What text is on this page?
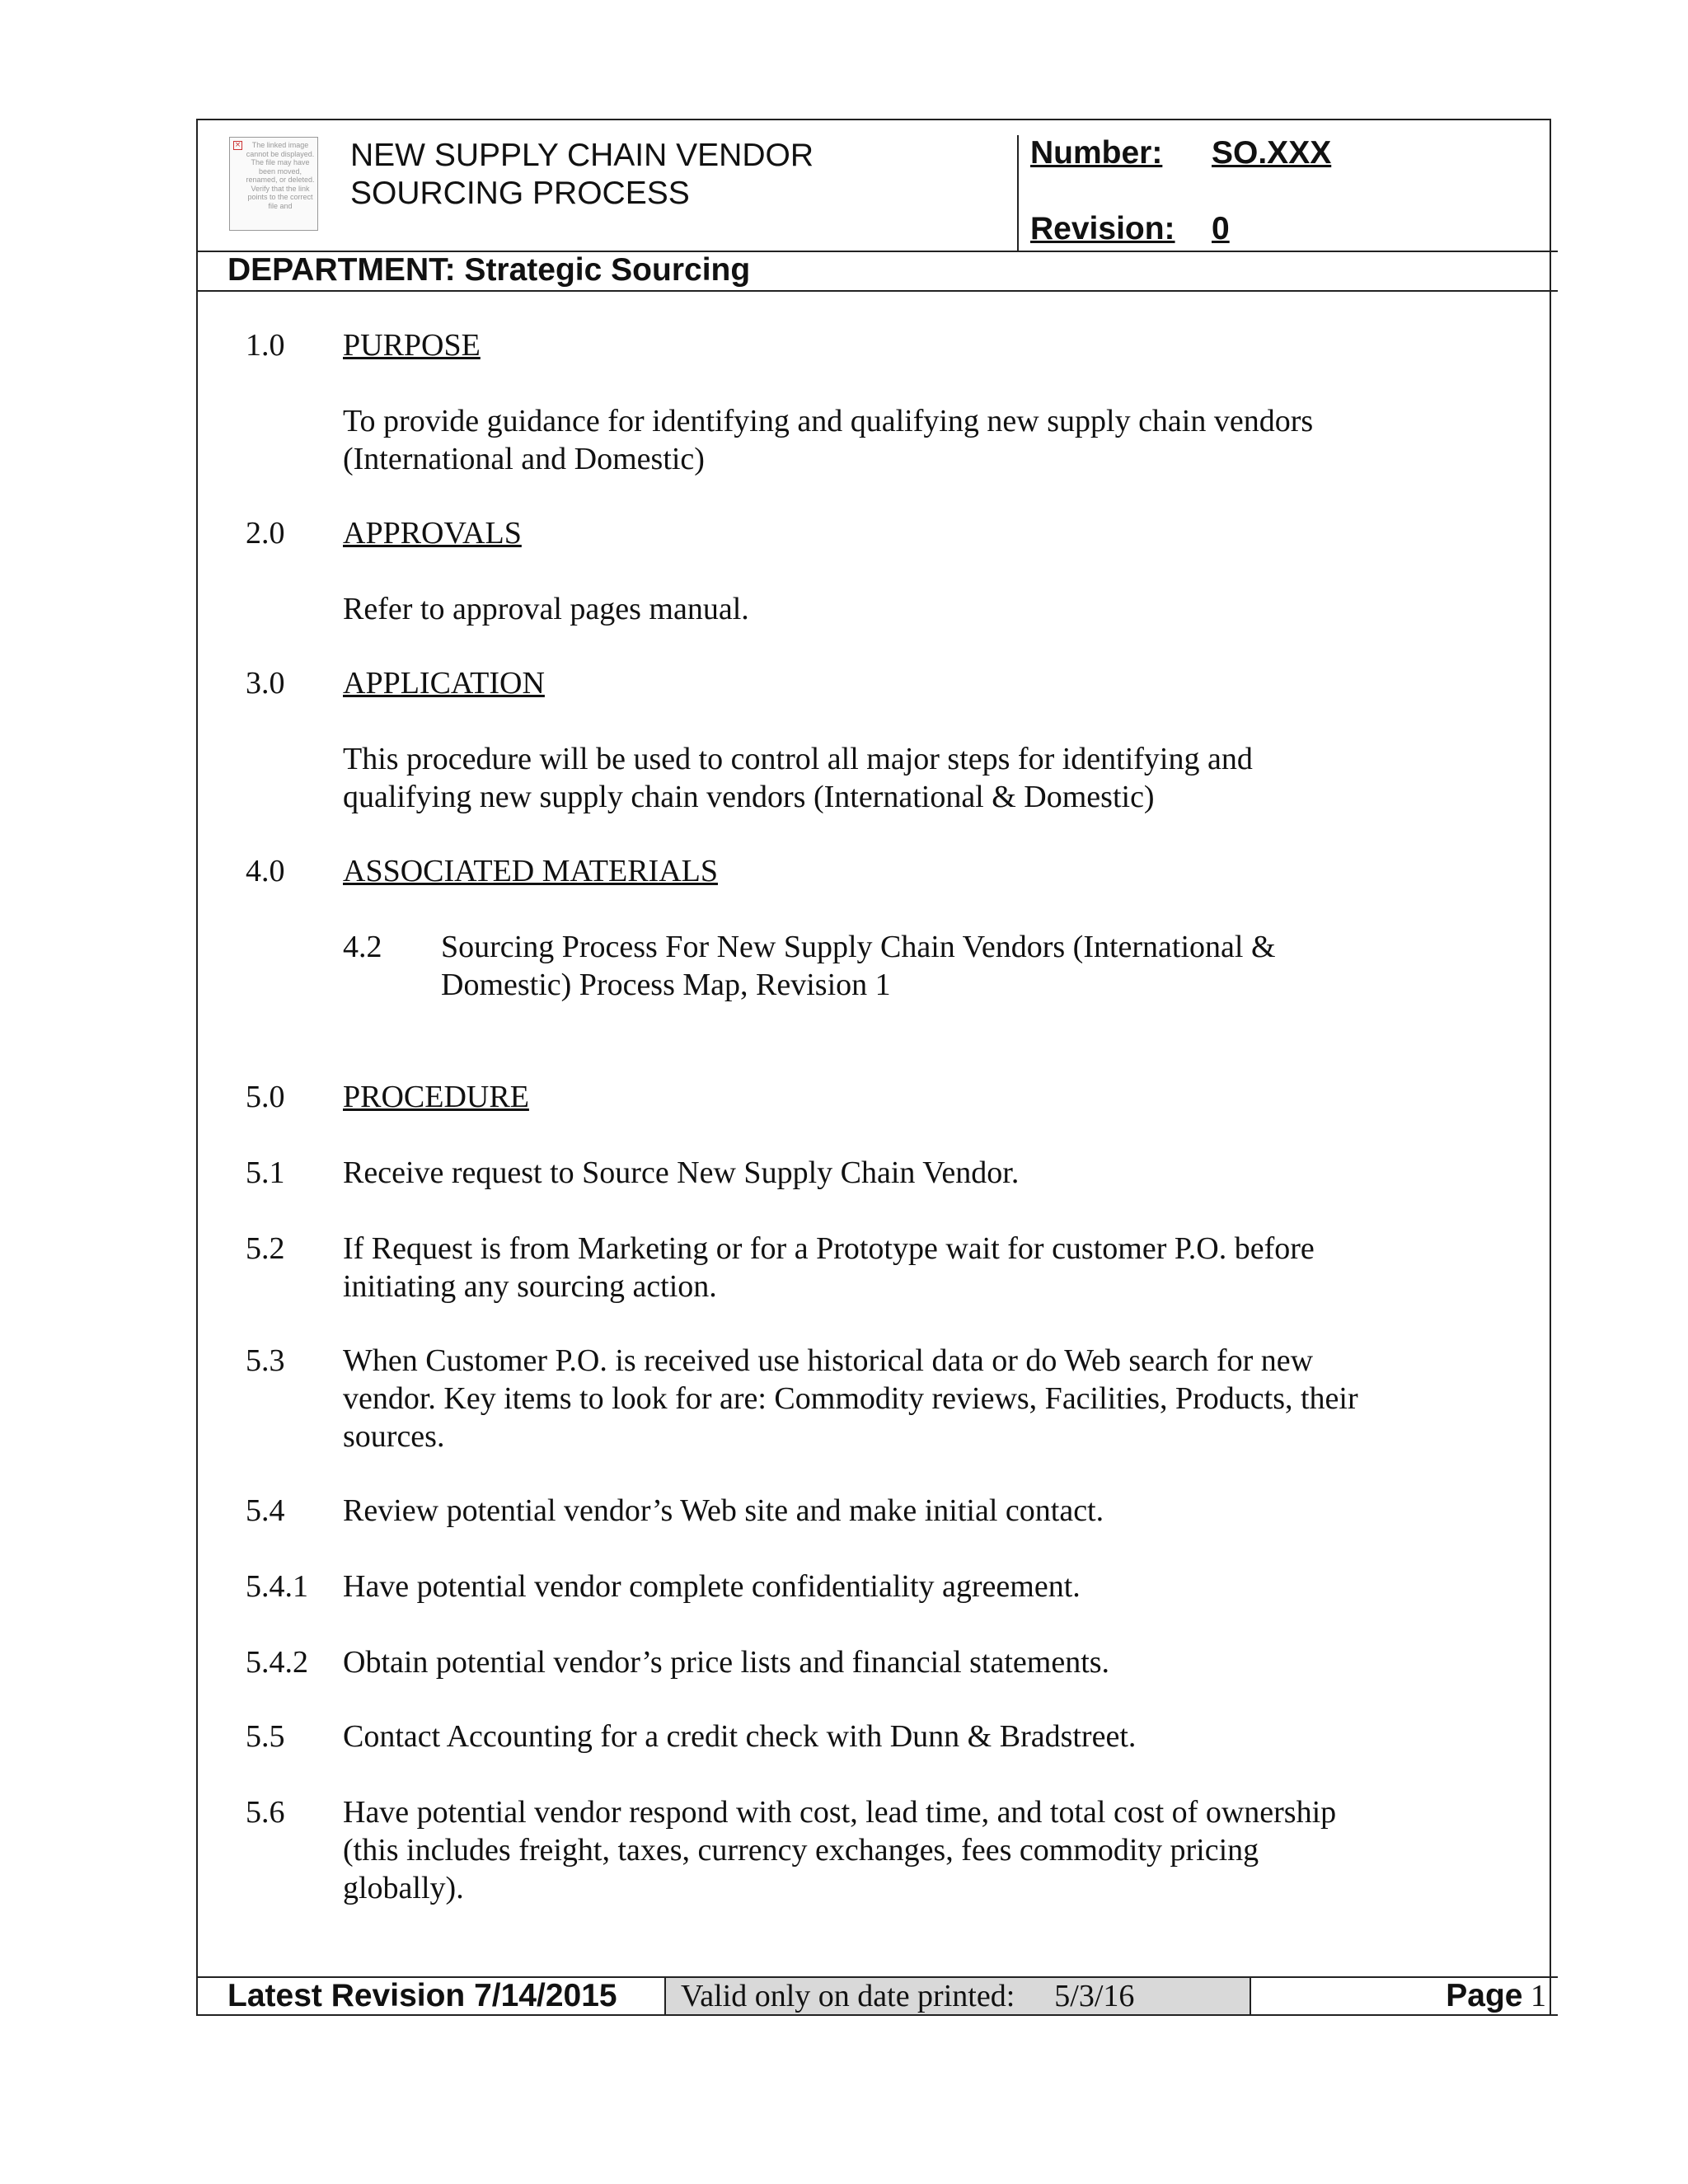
×	The linked image cannot be displayed. The file may have been moved, renamed, or deleted. Verify that the link points to the correct file and
NEW SUPPLY CHAIN VENDOR
SOURCING PROCESS
Number: SO.XXX
Revision: 0
DEPARTMENT: Strategic Sourcing
1.0 PURPOSE
To provide guidance for identifying and qualifying new supply chain vendors
(International and Domestic)
2.0 APPROVALS
Refer to approval pages manual.
3.0 APPLICATION
This procedure will be used to control all major steps for identifying and
qualifying new supply chain vendors (International & Domestic)
4.0 ASSOCIATED MATERIALS
4.2 Sourcing Process For New Supply Chain Vendors (International &
Domestic) Process Map, Revision 1
5.0 PROCEDURE
5.1 Receive request to Source New Supply Chain Vendor.
5.2 If Request is from Marketing or for a Prototype wait for customer P.O. before
initiating any sourcing action.
5.3 When Customer P.O. is received use historical data or do Web search for new
vendor. Key items to look for are: Commodity reviews, Facilities, Products, their
sources.
5.4 Review potential vendor’s Web site and make initial contact.
5.4.1 Have potential vendor complete confidentiality agreement.
5.4.2 Obtain potential vendor’s price lists and financial statements.
5.5 Contact Accounting for a credit check with Dunn & Bradstreet.
5.6 Have potential vendor respond with cost, lead time, and total cost of ownership
(this includes freight, taxes, currency exchanges, fees commodity pricing
globally).
Latest Revision 7/14/2015	Valid only on date printed: 5/3/16	Page 1
